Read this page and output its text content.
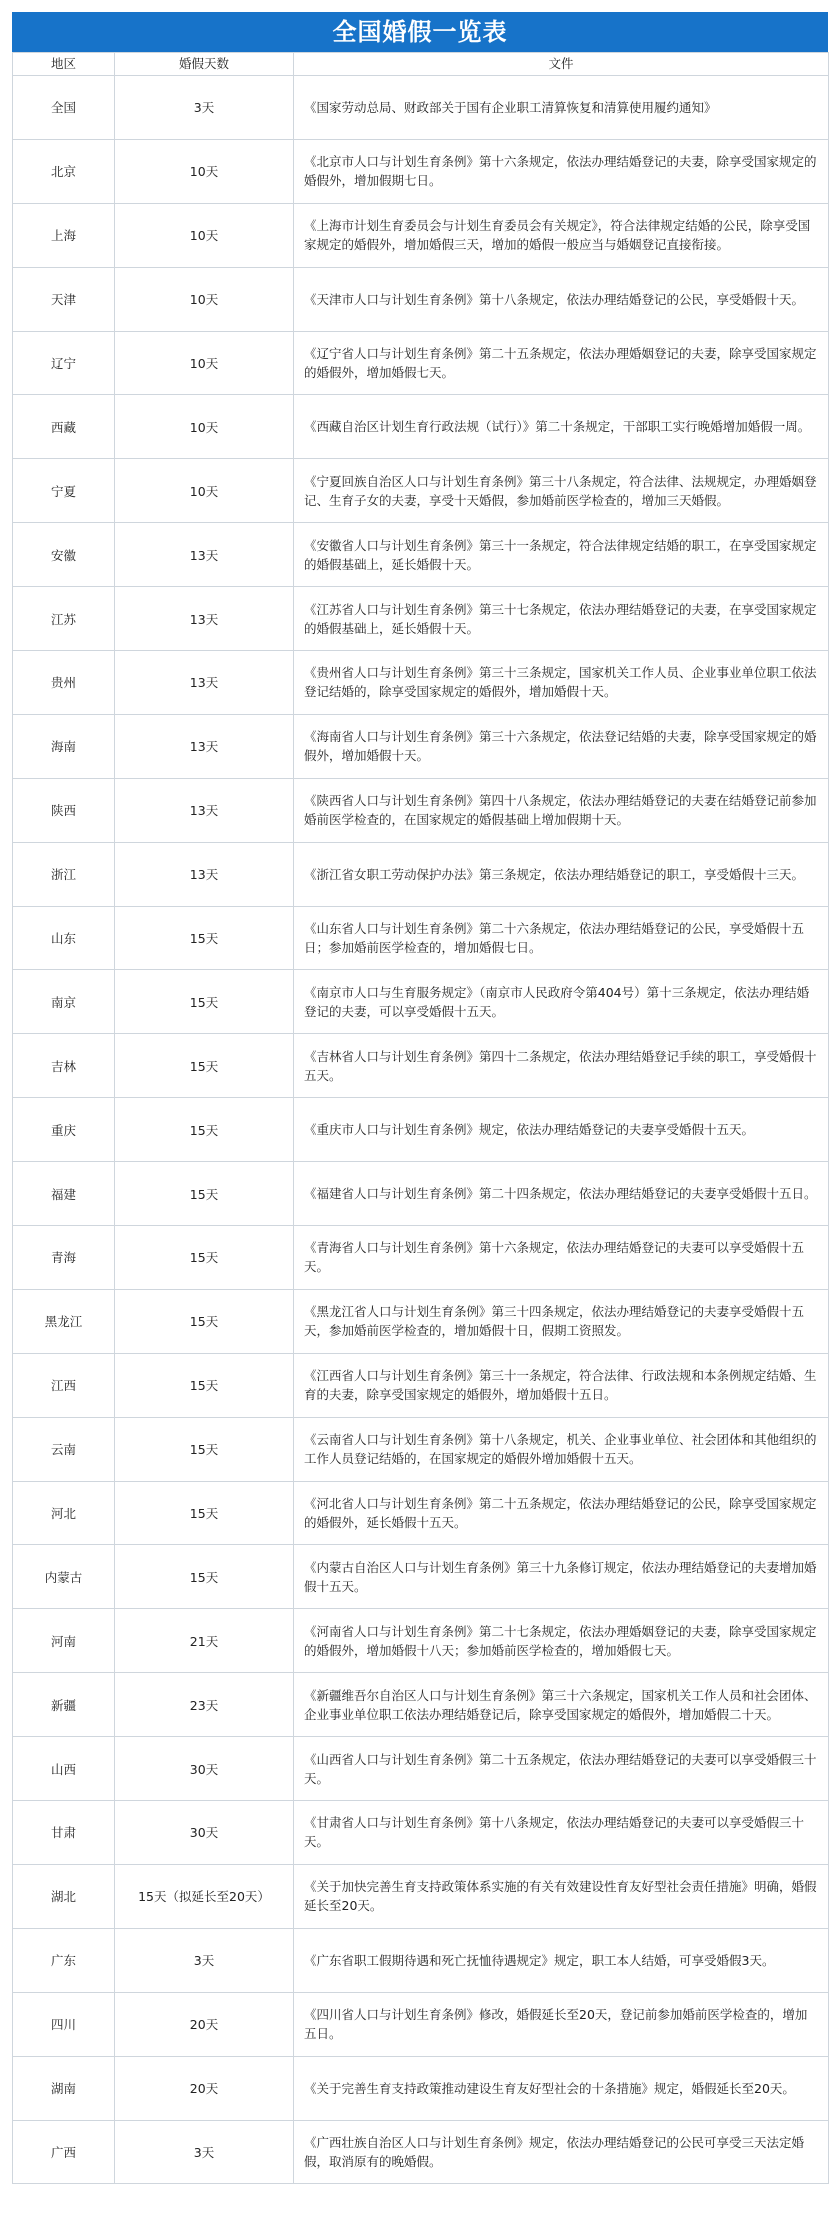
全国婚假一览表
地区	婚假天数	文件
全国	3天	《国家劳动总局、财政部关于国有企业职工清算恢复和清算使用履约通知》
北京	10天	《北京市人口与计划生育条例》第十六条规定，依法办理结婚登记的夫妻，除享受国家规定的婚假外，增加假期七日。
上海	10天	《上海市计划生育委员会与计划生育委员会有关规定》，符合法律规定结婚的公民，除享受国家规定的婚假外，增加婚假三天，增加的婚假一般应当与婚姻登记直接衔接。
天津	10天	《天津市人口与计划生育条例》第十八条规定，依法办理结婚登记的公民，享受婚假十天。
辽宁	10天	《辽宁省人口与计划生育条例》第二十五条规定，依法办理婚姻登记的夫妻，除享受国家规定的婚假外，增加婚假七天。
西藏	10天	《西藏自治区计划生育行政法规（试行）》第二十条规定，干部职工实行晚婚增加婚假一周。
宁夏	10天	《宁夏回族自治区人口与计划生育条例》第三十八条规定，符合法律、法规规定，办理婚姻登记、生育子女的夫妻，享受十天婚假，参加婚前医学检查的，增加三天婚假。
安徽	13天	《安徽省人口与计划生育条例》第三十一条规定，符合法律规定结婚的职工，在享受国家规定的婚假基础上，延长婚假十天。
江苏	13天	《江苏省人口与计划生育条例》第三十七条规定，依法办理结婚登记的夫妻，在享受国家规定的婚假基础上，延长婚假十天。
贵州	13天	《贵州省人口与计划生育条例》第三十三条规定，国家机关工作人员、企业事业单位职工依法登记结婚的，除享受国家规定的婚假外，增加婚假十天。
海南	13天	《海南省人口与计划生育条例》第三十六条规定，依法登记结婚的夫妻，除享受国家规定的婚假外，增加婚假十天。
陕西	13天	《陕西省人口与计划生育条例》第四十八条规定，依法办理结婚登记的夫妻在结婚登记前参加婚前医学检查的，在国家规定的婚假基础上增加假期十天。
浙江	13天	《浙江省女职工劳动保护办法》第三条规定，依法办理结婚登记的职工，享受婚假十三天。
山东	15天	《山东省人口与计划生育条例》第二十六条规定，依法办理结婚登记的公民，享受婚假十五日；参加婚前医学检查的，增加婚假七日。
南京	15天	《南京市人口与生育服务规定》（南京市人民政府令第404号）第十三条规定，依法办理结婚登记的夫妻，可以享受婚假十五天。
吉林	15天	《吉林省人口与计划生育条例》第四十二条规定，依法办理结婚登记手续的职工，享受婚假十五天。
重庆	15天	《重庆市人口与计划生育条例》规定，依法办理结婚登记的夫妻享受婚假十五天。
福建	15天	《福建省人口与计划生育条例》第二十四条规定，依法办理结婚登记的夫妻享受婚假十五日。
青海	15天	《青海省人口与计划生育条例》第十六条规定，依法办理结婚登记的夫妻可以享受婚假十五天。
黑龙江	15天	《黑龙江省人口与计划生育条例》第三十四条规定，依法办理结婚登记的夫妻享受婚假十五天，参加婚前医学检查的，增加婚假十日，假期工资照发。
江西	15天	《江西省人口与计划生育条例》第三十一条规定，符合法律、行政法规和本条例规定结婚、生育的夫妻，除享受国家规定的婚假外，增加婚假十五日。
云南	15天	《云南省人口与计划生育条例》第十八条规定，机关、企业事业单位、社会团体和其他组织的工作人员登记结婚的，在国家规定的婚假外增加婚假十五天。
河北	15天	《河北省人口与计划生育条例》第二十五条规定，依法办理结婚登记的公民，除享受国家规定的婚假外，延长婚假十五天。
内蒙古	15天	《内蒙古自治区人口与计划生育条例》第三十九条修订规定，依法办理结婚登记的夫妻增加婚假十五天。
河南	21天	《河南省人口与计划生育条例》第二十七条规定，依法办理婚姻登记的夫妻，除享受国家规定的婚假外，增加婚假十八天；参加婚前医学检查的，增加婚假七天。
新疆	23天	《新疆维吾尔自治区人口与计划生育条例》第三十六条规定，国家机关工作人员和社会团体、企业事业单位职工依法办理结婚登记后，除享受国家规定的婚假外，增加婚假二十天。
山西	30天	《山西省人口与计划生育条例》第二十五条规定，依法办理结婚登记的夫妻可以享受婚假三十天。
甘肃	30天	《甘肃省人口与计划生育条例》第十八条规定，依法办理结婚登记的夫妻可以享受婚假三十天。
湖北	15天（拟延长至20天）	《关于加快完善生育支持政策体系实施的有关有效建设性育友好型社会责任措施》明确，婚假延长至20天。
广东	3天	《广东省职工假期待遇和死亡抚恤待遇规定》规定，职工本人结婚，可享受婚假3天。
四川	20天	《四川省人口与计划生育条例》修改，婚假延长至20天，登记前参加婚前医学检查的，增加五日。
湖南	20天	《关于完善生育支持政策推动建设生育友好型社会的十条措施》规定，婚假延长至20天。
广西	3天	《广西壮族自治区人口与计划生育条例》规定，依法办理结婚登记的公民可享受三天法定婚假，取消原有的晚婚假。
